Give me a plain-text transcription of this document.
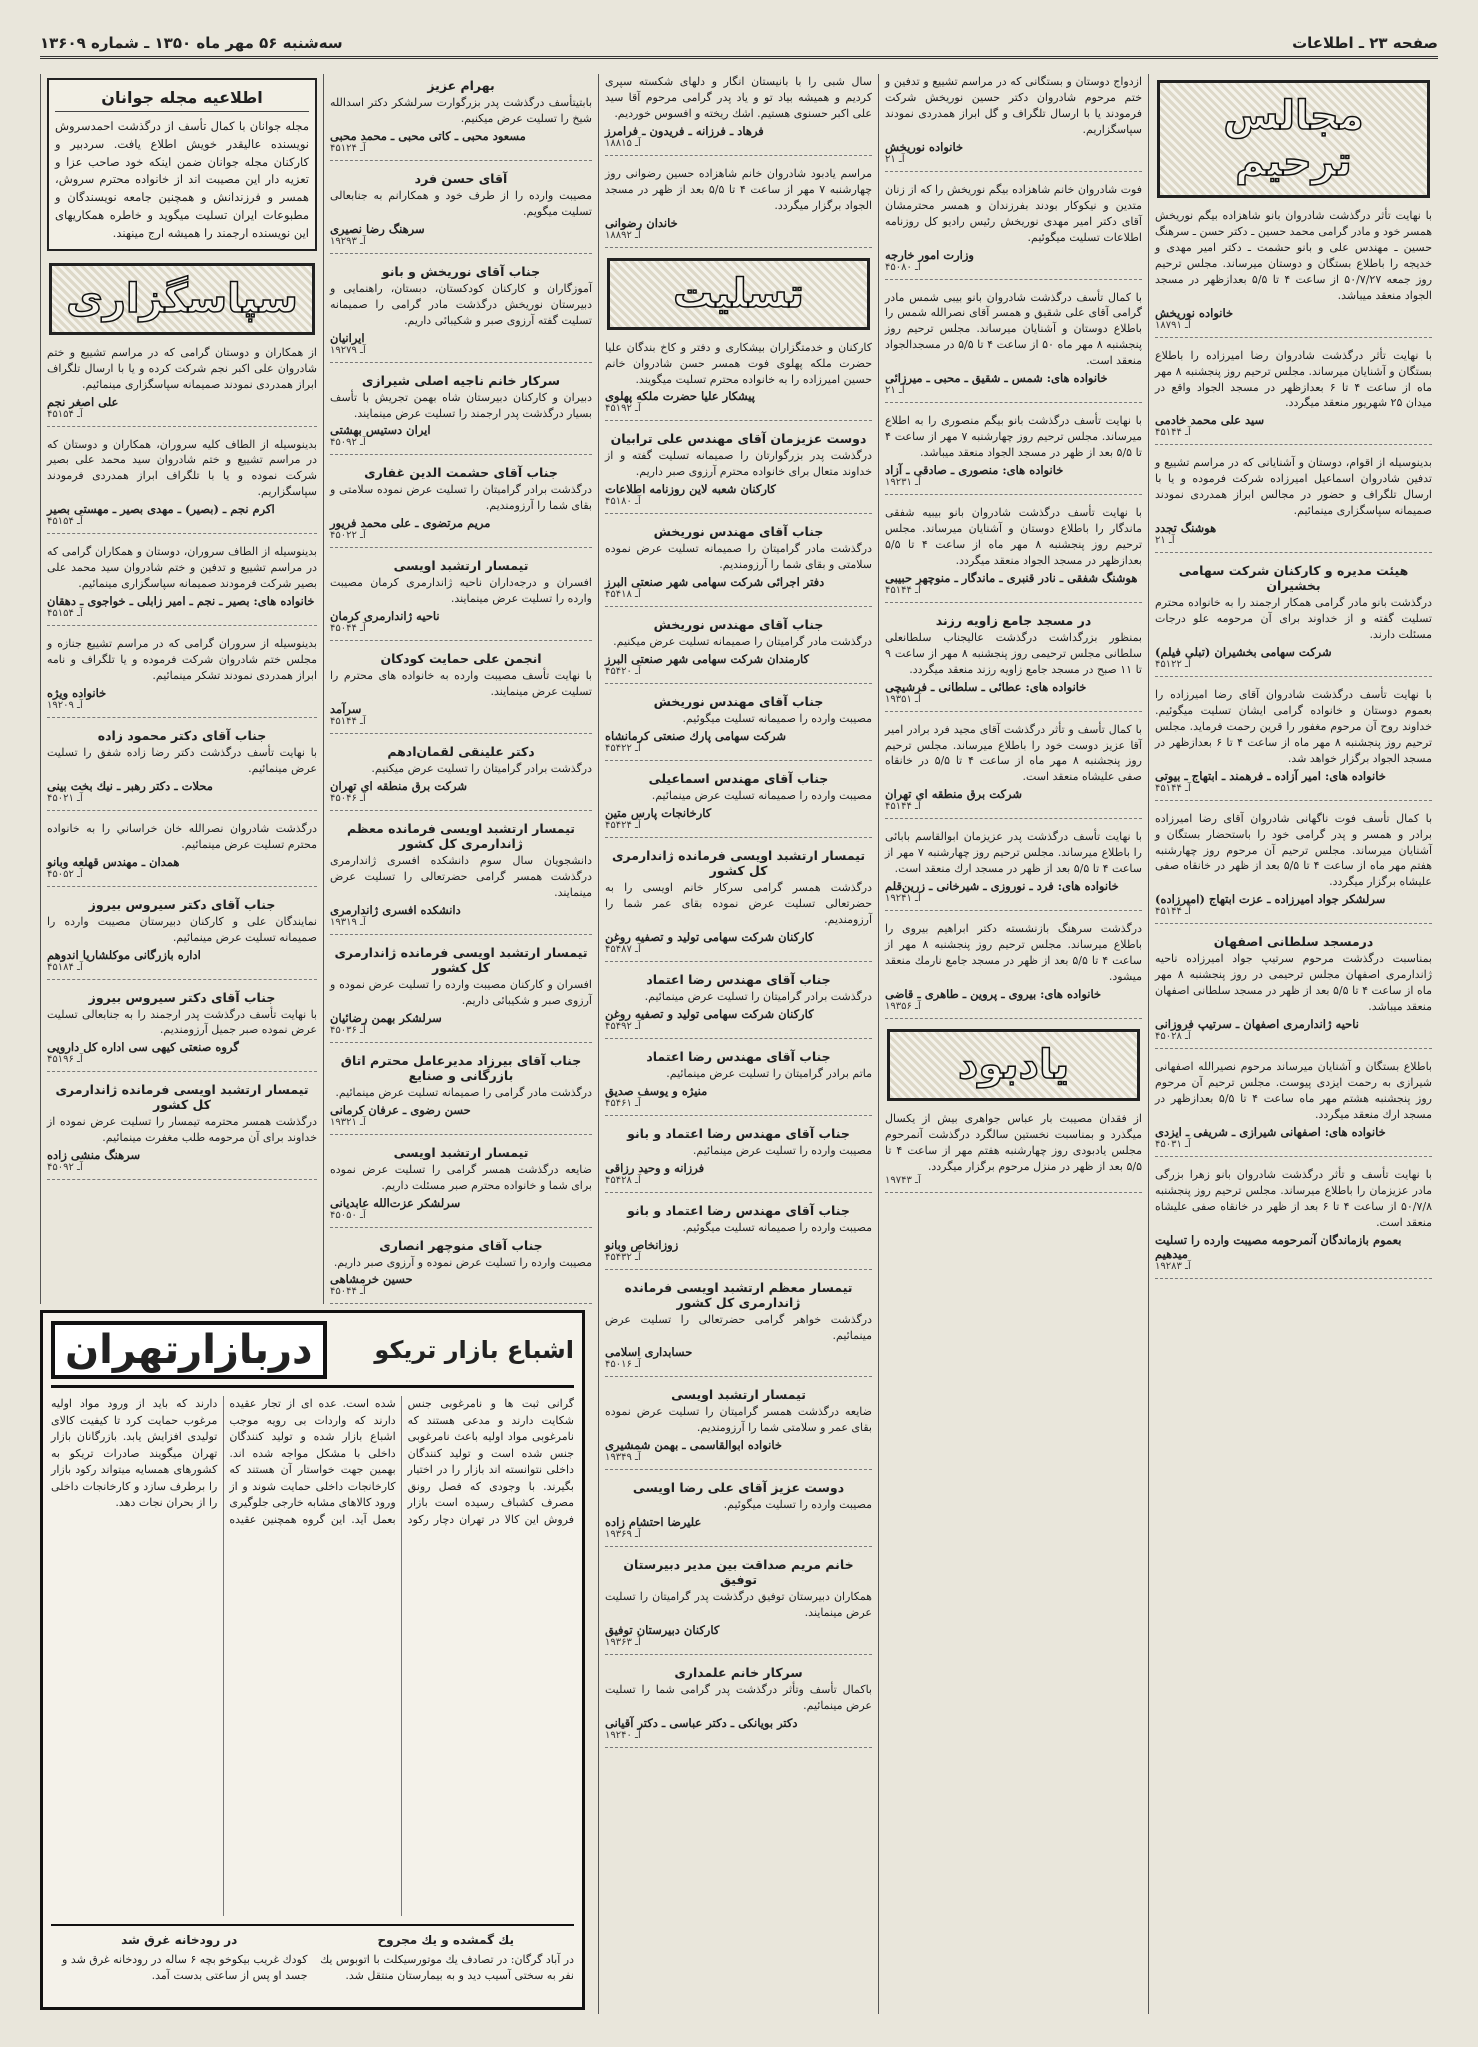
صفحه ۲۳ ـ اطلاعات
سه‌شنبه ۵۶ مهر ماه ۱۳۵۰ ـ شماره ۱۳۶۰۹
مجالس ترحيم

با نهايت تأثر درگذشت شادروان بانو شاهزاده بيگم نوريخش همسر خود و مادر گرامی محمد حسين ـ دكتر حسن ـ سرهنگ حسين ـ مهندس علی و بانو حشمت ـ دكتر امير مهدی و خديجه را باطلاع بستگان و دوستان ميرساند. مجلس ترحيم روز جمعه ۵۰/۷/۲۷ از ساعت ۴ تا ۵/۵ بعدازظهر در مسجد الجواد منعقد ميباشد.

خانواده نوريخش
آـ ۱۸۷۹۱

با نهايت تأثر درگذشت شادروان رضا اميرزاده را باطلاع بستگان و آشنايان ميرساند. مجلس ترحيم روز پنجشنبه ۸ مهر ماه از ساعت ۴ تا ۶ بعدازظهر در مسجد الجواد واقع در ميدان ۲۵ شهريور منعقد ميگردد.

سيد علی محمد خادمی
آـ ۴۵۱۴۴

بدينوسيله از اقوام، دوستان و آشنايانی كه در مراسم تشييع و تدفين شادروان اسماعيل اميرزاده شركت فرموده و يا با ارسال تلگراف و حضور در مجالس ابراز همدردی نمودند صميمانه سپاسگزاری مينمائيم.

هوشنگ تجدد
آـ ۲۱
هيئت مديره و كاركنان شركت سهامی بخشيران

درگذشت بانو مادر گرامی همكار ارجمند را به خانواده محترم تسليت گفته و از خداوند برای آن مرحومه علو درجات مسئلت دارند.

شركت سهامی بخشيران (تبلی فيلم)
آـ ۴۵۱۲۲

با نهايت تأسف درگذشت شادروان آقای رضا اميرزاده را بعموم دوستان و خانواده گرامی ايشان تسليت ميگوئيم. خداوند روح آن مرحوم مغفور را قرين رحمت فرمايد. مجلس ترحيم روز پنجشنبه ۸ مهر ماه از ساعت ۴ تا ۶ بعدازظهر در مسجد الجواد برگزار خواهد شد.

خانواده های: امير آزاده ـ فرهمند ـ ابتهاج ـ بيوتی
آـ ۴۵۱۴۴

با كمال تأسف فوت ناگهانی شادروان آقای رضا اميرزاده برادر و همسر و پدر گرامی خود را باستحضار بستگان و آشنايان ميرساند. مجلس ترحيم آن مرحوم روز چهارشنبه هفتم مهر ماه از ساعت ۴ تا ۵/۵ بعد از ظهر در خانقاه صفی عليشاه برگزار ميگردد.

سرلشكر جواد اميرزاده ـ عزت ابتهاج (اميرزاده)
آـ ۴۵۱۴۴
درمسجد سلطانی اصفهان

بمناسبت درگذشت مرحوم سرتيپ جواد اميرزاده ناحيه ژاندارمری اصفهان مجلس ترحيمی در روز پنجشنبه ۸ مهر ماه از ساعت ۴ تا ۵/۵ بعد از ظهر در مسجد سلطانی اصفهان منعقد ميباشد.

ناحيه ژاندارمری اصفهان ـ سرتيپ فروزانی
آـ ۴۵۰۲۸

باطلاع بستگان و آشنايان ميرساند مرحوم نصيرالله اصفهانی شيرازی به رحمت ايزدی پيوست. مجلس ترحيم آن مرحوم روز پنجشنبه هشتم مهر ماه ساعت ۴ تا ۵/۵ بعدازظهر در مسجد ارك منعقد ميگردد.

خانواده های: اصفهانی شيرازی ـ شريفی ـ ايزدی
آـ ۴۵۰۳۱

با نهايت تأسف و تأثر درگذشت شادروان بانو زهرا بزرگی مادر عزيزمان را باطلاع ميرساند. مجلس ترحيم روز پنجشنبه ۵۰/۷/۸ از ساعت ۴ تا ۶ بعد از ظهر در خانقاه صفی عليشاه منعقد است.

بعموم بازماندگان آنمرحومه مصيبت وارده را تسليت ميدهيم
آـ ۱۹۲۸۳

ازدواج دوستان و بستگانی كه در مراسم تشييع و تدفين و ختم مرحوم شادروان دكتر حسين نوريخش شركت فرمودند يا با ارسال تلگراف و گل ابراز همدردی نمودند سپاسگزاريم.

خانواده نوريخش
آـ ۲۱

فوت شادروان خانم شاهزاده بيگم نوريخش را كه از زنان متدين و نيكوكار بودند بفرزندان و همسر محترمشان آقای دكتر امير مهدی نوريخش رئيس راديو كل روزنامه اطلاعات تسليت ميگوئيم.

وزارت امور خارجه
آـ ۴۵۰۸۰

با كمال تأسف درگذشت شادروان بانو بيبی شمس مادر گرامی آقای علی شقيق و همسر آقای نصرالله شمس را باطلاع دوستان و آشنايان ميرساند. مجلس ترحيم روز پنجشنبه ۸ مهر ماه ۵۰ از ساعت ۴ تا ۵/۵ در مسجدالجواد منعقد است.

خانواده های: شمس ـ شقيق ـ محبی ـ ميرزائی
آـ ۲۱

با نهايت تأسف درگذشت بانو بيگم منصوری را به اطلاع ميرساند. مجلس ترحيم روز چهارشنبه ۷ مهر از ساعت ۴ تا ۵/۵ بعد از ظهر در مسجد الجواد منعقد ميباشد.

خانواده های: منصوری ـ صادقی ـ آزاد
آـ ۱۹۲۳۱

با نهايت تأسف درگذشت شادروان بانو بيبيه شفقی ماندگار را باطلاع دوستان و آشنايان ميرساند. مجلس ترحيم روز پنجشنبه ۸ مهر ماه از ساعت ۴ تا ۵/۵ بعدازظهر در مسجد الجواد منعقد ميگردد.

هوشنگ شفقی ـ نادر قنبری ـ ماندگار ـ منوچهر حبيبی
آـ ۴۵۱۴۴
در مسجد جامع زاويه رزند

بمنظور بزرگداشت درگذشت عاليجناب سلطانعلی سلطانی مجلس ترحيمی روز پنجشنبه ۸ مهر از ساعت ۹ تا ۱۱ صبح در مسجد جامع زاويه رزند منعقد ميگردد.

خانواده های: عطائی ـ سلطانی ـ فرشيچی
آـ ۱۹۳۵۱

با كمال تأسف و تأثر درگذشت آقای مجيد فرد برادر امير آقا عزيز دوست خود را باطلاع ميرساند. مجلس ترحيم روز پنجشنبه ۸ مهر ماه از ساعت ۴ تا ۵/۵ در خانقاه صفی عليشاه منعقد است.

شركت برق منطقه ای تهران
آـ ۴۵۱۴۴

با نهايت تأسف درگذشت پدر عزيزمان ابوالقاسم بابائی را باطلاع ميرساند. مجلس ترحيم روز چهارشنبه ۷ مهر از ساعت ۴ تا ۵/۵ بعد از ظهر در مسجد ارك منعقد است.

خانواده های: فرد ـ نوروزی ـ شيرخانی ـ زرين‌قلم
آـ ۱۹۲۴۱

درگذشت سرهنگ بازنشسته دكتر ابراهيم بيروی را باطلاع ميرساند. مجلس ترحيم روز پنجشنبه ۸ مهر از ساعت ۴ تا ۵/۵ بعد از ظهر در مسجد جامع نارمك منعقد ميشود.

خانواده های: بيروی ـ پروين ـ طاهری ـ قاضی
آـ ۱۹۳۵۶
يادبود

از فقدان مصيبت بار عباس جواهری بيش از يكسال ميگذرد و بمناسبت نخستين سالگرد درگذشت آنمرحوم مجلس يادبودی روز چهارشنبه هفتم مهر از ساعت ۴ تا ۵/۵ بعد از ظهر در منزل مرحوم برگزار ميگردد.

آـ ۱۹۷۴۳

سال شبی را با بانيستان انگار و دلهای شكسته سپری كرديم و هميشه بياد تو و ياد پدر گرامی مرحوم آقا سيد علی اكبر حسنوی هستيم. اشك ريخته و افسوس خورديم.

فرهاد ـ فرزانه ـ فريدون ـ فرامرز
آـ ۱۸۸۱۵

مراسم يادبود شادروان خانم شاهزاده حسين رضوانی روز چهارشنبه ۷ مهر از ساعت ۴ تا ۵/۵ بعد از ظهر در مسجد الجواد برگزار ميگردد.

خاندان رضوانی
آـ ۱۸۸۹۲
تسليت

كاركنان و خدمتگزاران بيشكاری و دفتر و كاخ بندگان عليا حضرت ملكه پهلوی فوت همسر حسن شادروان خانم حسين اميرزاده را به خانواده محترم تسليت ميگويند.

پيشكار عليا حضرت ملكه پهلوی
آـ ۴۵۱۹۲
دوست عزيزمان آقای مهندس علی ترابيان

درگذشت پدر بزرگوارتان را صميمانه تسليت گفته و از خداوند متعال برای خانواده محترم آرزوی صبر داريم.

كاركنان شعبه لاين روزنامه اطلاعات
آـ ۴۵۱۸۰
جناب آقای مهندس نوريخش

درگذشت مادر گراميتان را صميمانه تسليت عرض نموده سلامتی و بقای شما را آرزومنديم.

دفتر اجرائی شركت سهامی شهر صنعتی البرز
آـ ۴۵۴۱۸
جناب آقای مهندس نوريخش

درگذشت مادر گراميتان را صميمانه تسليت عرض ميكنيم.

كارمندان شركت سهامی شهر صنعتی البرز
آـ ۴۵۴۲۰
جناب آقای مهندس نوريخش

مصيبت وارده را صميمانه تسليت ميگوئيم.

شركت سهامی پارك صنعتی كرمانشاه
آـ ۴۵۴۲۲
جناب آقای مهندس اسماعيلی

مصيبت وارده را صميمانه تسليت عرض مينمائيم.

كارخانجات پارس متين
آـ ۴۵۴۲۴
تيمسار ارتشبد اويسی فرمانده ژاندارمری كل كشور

درگذشت همسر گرامی سركار خانم اويسی را به حضرتعالی تسليت عرض نموده بقای عمر شما را آرزومنديم.

كاركنان شركت سهامی توليد و تصفيه روغن
آـ ۴۵۴۸۷
جناب آقای مهندس رضا اعتماد

درگذشت برادر گراميتان را تسليت عرض مينمائيم.

كاركنان شركت سهامی توليد و تصفيه روغن
آـ ۴۵۴۹۲
جناب آقای مهندس رضا اعتماد

ماتم برادر گراميتان را تسليت عرض مينمائيم.

منيژه و يوسف صديق
آـ ۴۵۴۶۱
جناب آقای مهندس رضا اعتماد و بانو

مصيبت وارده را تسليت عرض مينمائيم.

فرزانه و وحيد رزاقی
آـ ۴۵۴۲۸
جناب آقای مهندس رضا اعتماد و بانو

مصيبت وارده را صميمانه تسليت ميگوئيم.

زوزانخاص وبانو
آـ ۴۵۴۳۲
تيمسار معظم ارتشبد اويسی فرمانده ژاندارمری كل كشور

درگذشت خواهر گرامی حضرتعالی را تسليت عرض مينمائيم.

حسابداری اسلامی
آـ ۴۵۰۱۶
تيمسار ارتشبد اويسی

ضايعه درگذشت همسر گراميتان را تسليت عرض نموده بقای عمر و سلامتی شما را آرزومنديم.

خانواده ابوالقاسمی ـ بهمن شمشيری
آـ ۱۹۳۴۹
دوست عزيز آقای علی رضا اويسی

مصيبت وارده را تسليت ميگوئيم.

عليرضا احتشام زاده
آـ ۱۹۳۶۹
خانم مريم صداقت بين مدير دبيرستان توفيق

همكاران دبيرستان توفيق درگذشت پدر گراميتان را تسليت عرض مينمايند.

كاركنان دبيرستان توفيق
آـ ۱۹۳۶۳
سركار خانم علمداری

باكمال تأسف وتأثر درگذشت پدر گرامی شما را تسليت عرض مينمائيم.

دكتر بويانكی ـ دكتر عباسی ـ دكتر آقيانی
آـ ۱۹۲۴۰
بهرام عزيز

بابتیتأسف درگذشت پدر بزرگوارت سرلشكر دكتر اسدالله شيخ را تسليت عرض ميكنيم.

مسعود محبی ـ كاتی محبی ـ محمد محبی
آـ ۴۵۱۲۴
آقای حسن فرد

مصيبت وارده را از طرف خود و همكارانم به جنابعالی تسليت ميگويم.

سرهنگ رضا نصيری
آـ ۱۹۲۹۳
جناب آقای نوريخش و بانو

آموزگاران و كاركنان كودكستان، دبستان، راهنمايی و دبيرستان نوريخش درگذشت مادر گرامی را صميمانه تسليت گفته آرزوی صبر و شكيبائی داريم.

ايرانيان
آـ ۱۹۲۷۹
سركار خانم ناجيه اصلی شيرازی

دبيران و كاركنان دبيرستان شاه بهمن تجريش با تأسف بسيار درگذشت پدر ارجمند را تسليت عرض مينمايند.

ايران دستيس بهشتی
آـ ۴۵۰۹۲
جناب آقای حشمت الدين غفاری

درگذشت برادر گراميتان را تسليت عرض نموده سلامتی و بقای شما را آرزومنديم.

مريم مرتضوی ـ علی محمد فريور
آـ ۴۵۰۲۲
تيمسار ارتشبد اويسی

افسران و درجه‌داران ناحيه ژاندارمری كرمان مصيبت وارده را تسليت عرض مينمايند.

ناحيه ژاندارمری كرمان
آـ ۴۵۰۴۴
انجمن علی حمايت كودكان

با نهايت تأسف مصيبت وارده به خانواده های محترم را تسليت عرض مينمايند.

سرآمد
آـ ۴۵۱۴۴
دكتر علينقی لقمان‌ادهم

درگذشت برادر گراميتان را تسليت عرض ميكنيم.

شركت برق منطقه ای تهران
آـ ۴۵۰۴۶
تيمسار ارتشبد اويسی فرمانده معظم ژاندارمری كل كشور

دانشجويان سال سوم دانشكده افسری ژاندارمری درگذشت همسر گرامی حضرتعالی را تسليت عرض مينمايند.

دانشكده افسری ژاندارمری
آـ ۱۹۳۱۹
تيمسار ارتشبد اويسی فرمانده ژاندارمری كل كشور

افسران و كاركنان مصيبت وارده را تسليت عرض نموده و آرزوی صبر و شكيبائی داريم.

سرلشكر بهمن رضائيان
آـ ۴۵۰۳۶
جناب آقای بيرزاد مديرعامل محترم اتاق بازرگانی و صنايع

درگذشت مادر گرامی را صميمانه تسليت عرض مينمائيم.

حسن رضوی ـ عرفان كرمانی
آـ ۱۹۳۲۱
تيمسار ارتشبد اويسی

ضايعه درگذشت همسر گرامی را تسليت عرض نموده برای شما و خانواده محترم صبر مسئلت داريم.

سرلشكر عزت‌الله عابديانی
آـ ۴۵۰۵۰
جناب آقای منوچهر انصاری

مصيبت وارده را تسليت عرض نموده و آرزوی صبر داريم.

حسين خرمشاهی
آـ ۴۵۰۴۴

اطلاعيه مجله جوانان

مجله جوانان با كمال تأسف از درگذشت احمدسروش نويسنده عاليقدر خويش اطلاع يافت. سردبير و كاركنان مجله جوانان ضمن اينكه خود صاحب عزا و تعزيه دار اين مصيبت اند از خانواده محترم سروش، همسر و فرزندانش و همچنين جامعه نويسندگان و مطبوعات ايران تسليت ميگويد و خاطره همكاريهای اين نويسنده ارجمند را هميشه ارج مينهند.

سپاسگزاری

از همكاران و دوستان گرامی كه در مراسم تشييع و ختم شادروان علی اكبر نجم شركت كرده و يا با ارسال تلگراف ابراز همدردی نمودند صميمانه سپاسگزاری مينمائيم.

علی اصغر نجم
آـ ۴۵۱۵۴

بدينوسيله از الطاف كليه سروران، همكاران و دوستان كه در مراسم تشييع و ختم شادروان سيد محمد علی بصير شركت نموده و يا با تلگراف ابراز همدردی فرمودند سپاسگزاريم.

اكرم نجم ـ (بصير) ـ مهدی بصير ـ مهستی بصير
آـ ۴۵۱۵۴

بدينوسيله از الطاف سروران، دوستان و همكاران گرامی كه در مراسم تشييع و تدفين و ختم شادروان سيد محمد علی بصير شركت فرمودند صميمانه سپاسگزاری مينمائيم.

خانواده های: بصير ـ نجم ـ امير زابلی ـ خواجوی ـ دهقان
آـ ۴۵۱۵۴

بدينوسيله از سروران گرامی كه در مراسم تشييع جنازه و مجلس ختم شادروان شركت فرموده و يا تلگراف و نامه ابراز همدردی نمودند تشكر مينمائيم.

خانواده ويژه
آـ ۱۹۲۰۹
جناب آقای دكتر محمود زاده

با نهايت تأسف درگذشت دكتر رضا زاده شفق را تسليت عرض مينمائيم.

محلات ـ دكتر رهبر ـ نيك بخت بينی
آـ ۴۵۰۲۱

درگذشت شادروان نصرالله خان خراساني را به خانواده محترم تسليت عرض مينمائيم.

همدان ـ مهندس قهلعه وبانو
آـ ۴۵۰۵۲
جناب آقای دكتر سيروس بيروز

نمايندگان علی و كاركنان دبيرستان مصيبت وارده را صميمانه تسليت عرض مينمائيم.

اداره بازرگانی موكلشاريا اندوهم
آـ ۴۵۱۸۴
جناب آقای دكتر سيروس بيروز

با نهايت تأسف درگذشت پدر ارجمند را به جنابعالی تسليت عرض نموده صبر جميل آرزومنديم.

گروه صنعتی كيهی سی اداره كل دارويی
آـ ۴۵۱۹۶
تيمسار ارتشبد اويسی فرمانده ژاندارمری كل كشور

درگذشت همسر محترمه تيمسار را تسليت عرض نموده از خداوند برای آن مرحومه طلب مغفرت مينمائيم.

سرهنگ منشی زاده
آـ ۴۵۰۹۲
اشباع بازار تريكو
دربازارتهران
گرانی ثبت ها و نامرغوبی جنس شكايت دارند و مدعی هستند كه نامرغوبی مواد اوليه باعث نامرغوبی جنس شده است و توليد كنندگان داخلی نتوانسته اند بازار را در اختيار بگيرند. با وجودی كه فصل رونق مصرف كشباف رسيده است بازار فروش اين كالا در تهران دچار ركود شده است. عده ای از تجار عقيده دارند كه واردات بی رويه موجب اشباع بازار شده و توليد كنندگان داخلی با مشكل مواجه شده اند. بهمين جهت خواستار آن هستند كه كارخانجات داخلی حمايت شوند و از ورود كالاهای مشابه خارجی جلوگيری بعمل آيد. اين گروه همچنين عقيده دارند كه بايد از ورود مواد اوليه مرغوب حمايت كرد تا كيفيت كالای توليدی افزايش يابد. بازرگانان بازار تهران ميگويند صادرات تريكو به كشورهای همسايه ميتواند ركود بازار را برطرف سازد و كارخانجات داخلی را از بحران نجات دهد.
يك گمشده و يك مجروح
در آباد گرگان: در تصادف يك موتورسيكلت با اتوبوس يك نفر به سختی آسيب ديد و به بيمارستان منتقل شد.
در رودخانه غرق شد
كودك غريب بيكوخو بچه ۶ ساله در رودخانه غرق شد و جسد او پس از ساعتی بدست آمد.
